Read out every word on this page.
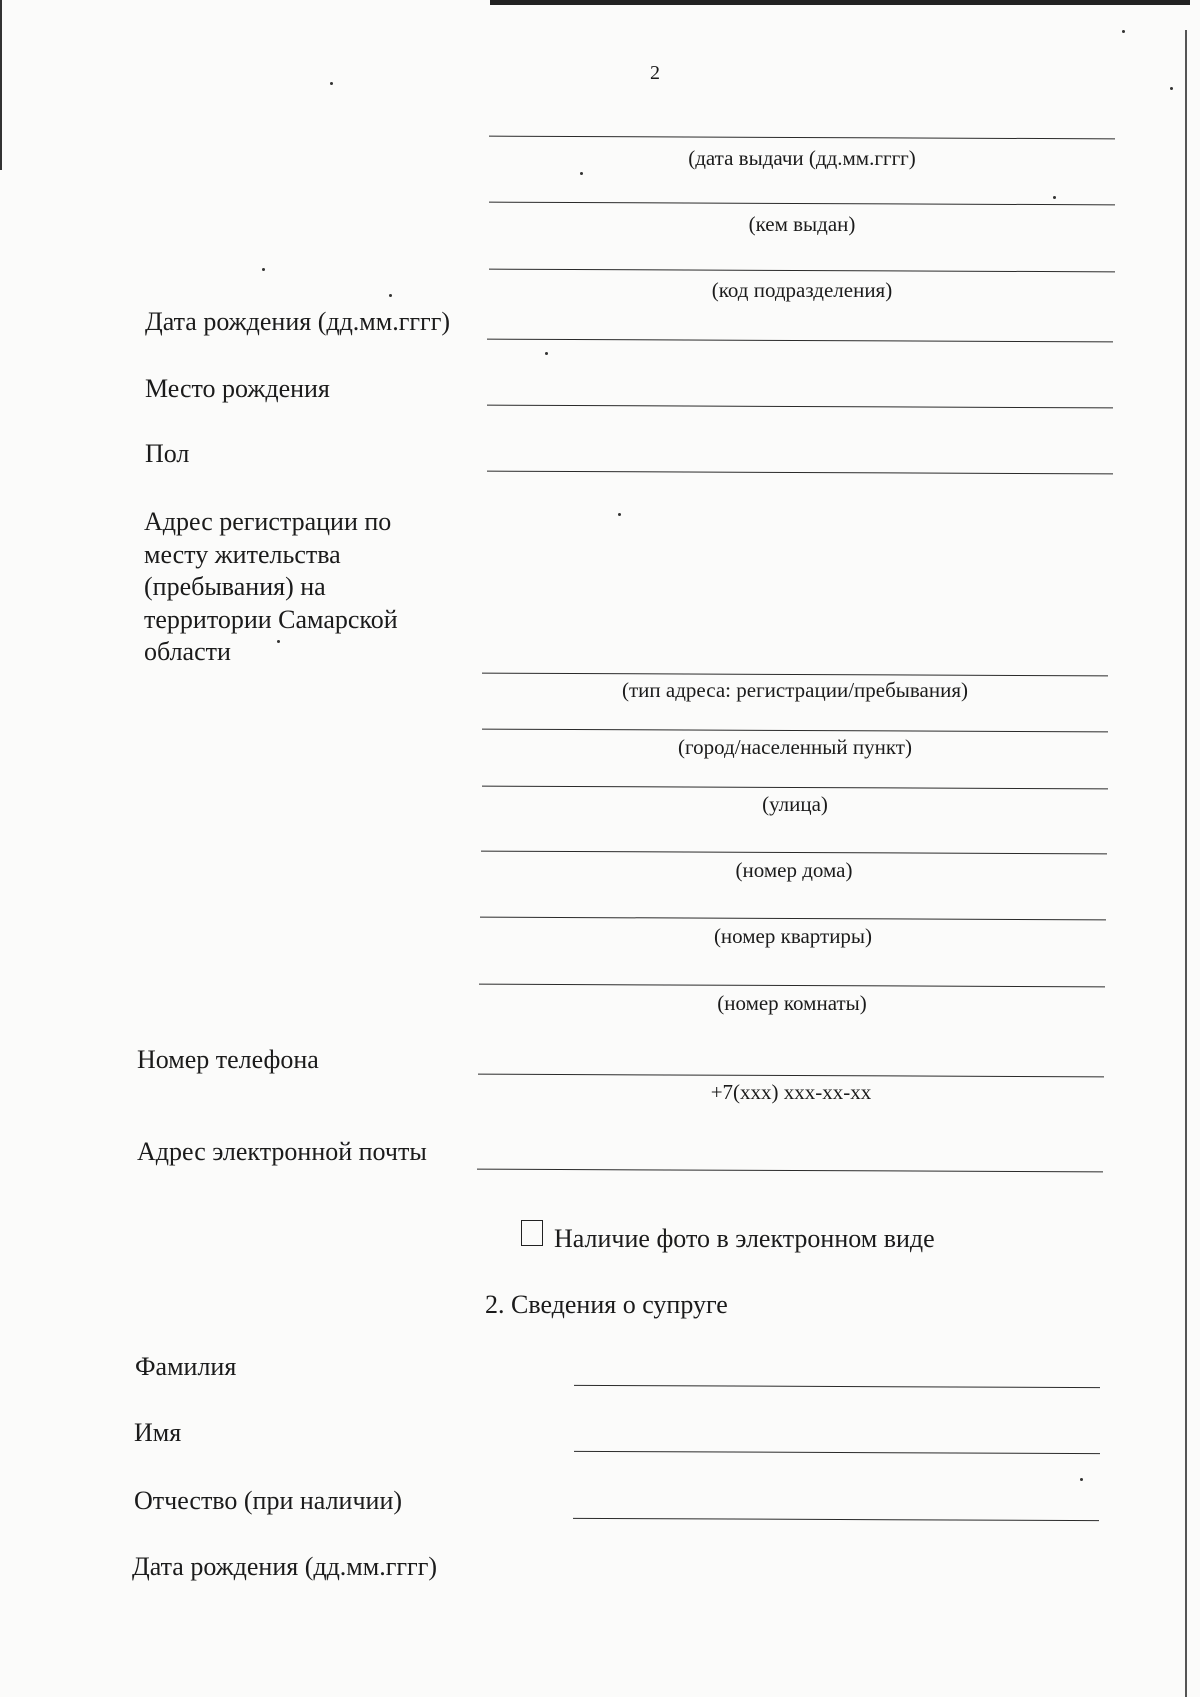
2
(дата выдачи (дд.мм.гггг)
(кем выдан)
(код подразделения)
Дата рождения (дд.мм.гггг)
Место рождения
Пол
Адрес регистрации по
месту жительства
(пребывания) на
территории Самарской
области
(тип адреса: регистрации/пребывания)
(город/населенный пункт)
(улица)
(номер дома)
(номер квартиры)
(номер комнаты)
Номер телефона
+7(xxx) xxx-xx-xx
Адрес электронной почты
Наличие фото в электронном виде
2. Сведения о супруге
Фамилия
Имя
Отчество (при наличии)
Дата рождения (дд.мм.гггг)
